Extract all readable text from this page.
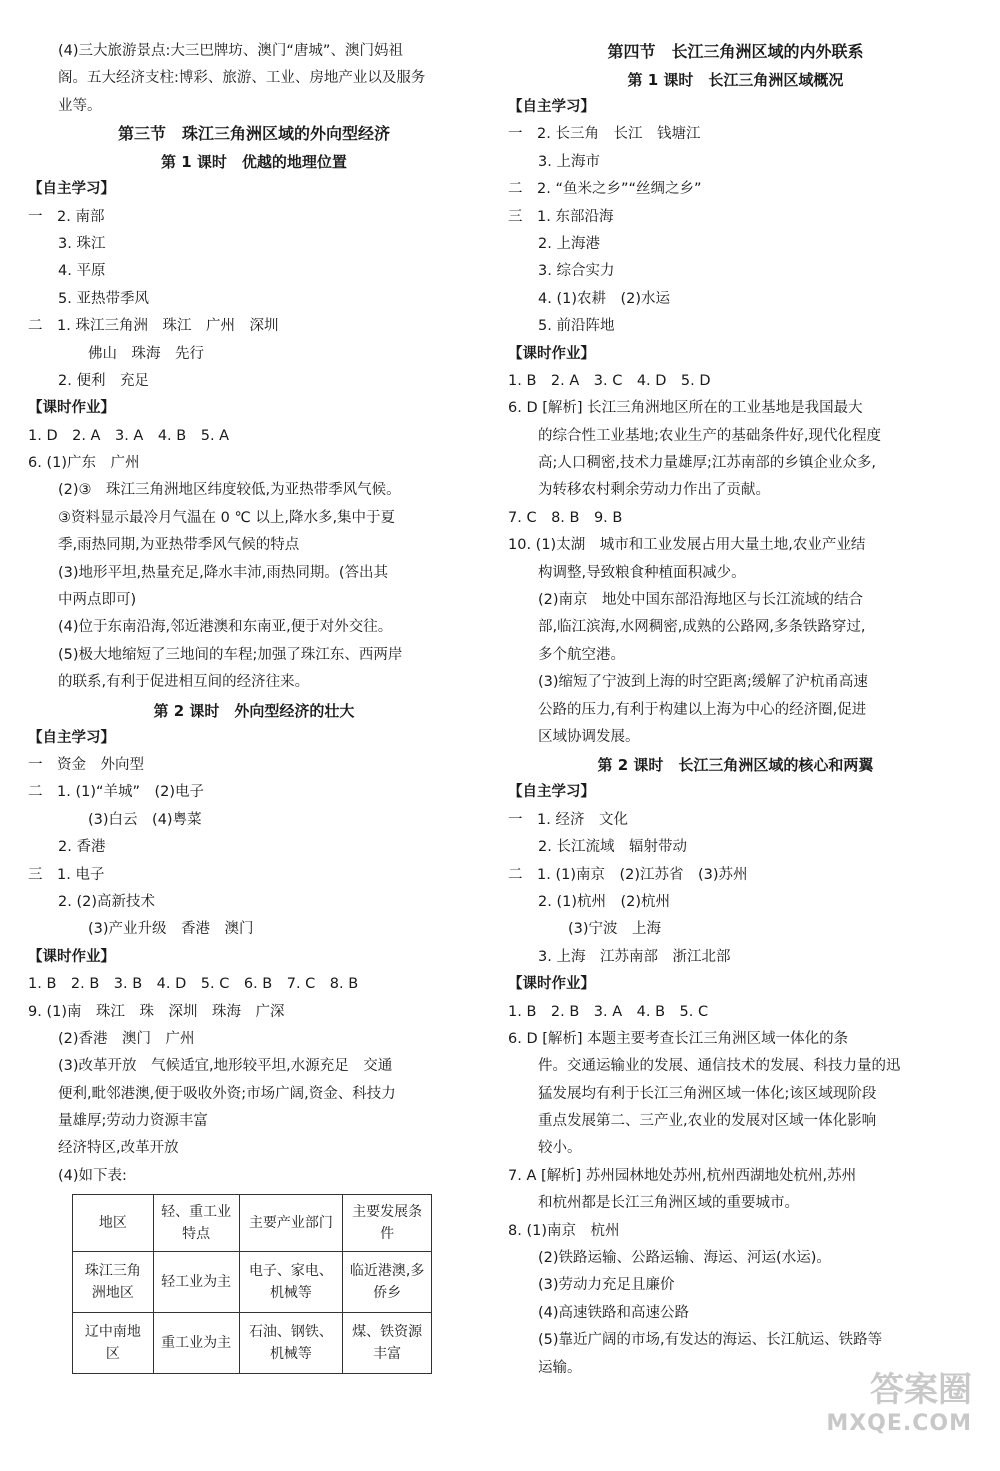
(4)三大旅游景点:大三巴牌坊、澳门“唐城”、澳门妈祖
阁。五大经济支柱:博彩、旅游、工业、房地产业以及服务
业等。
第三节　珠江三角洲区域的外向型经济
第 1 课时　优越的地理位置
【自主学习】
一　2. 南部
3. 珠江
4. 平原
5. 亚热带季风
二　1. 珠江三角洲　珠江　广州　深圳
佛山　珠海　先行
2. 便利　充足
【课时作业】
1. D　2. A　3. A　4. B　5. A
6. (1)广东　广州
(2)③　珠江三角洲地区纬度较低,为亚热带季风气候。
③资料显示最冷月气温在 0 ℃ 以上,降水多,集中于夏
季,雨热同期,为亚热带季风气候的特点
(3)地形平坦,热量充足,降水丰沛,雨热同期。(答出其
中两点即可)
(4)位于东南沿海,邻近港澳和东南亚,便于对外交往。
(5)极大地缩短了三地间的车程;加强了珠江东、西两岸
的联系,有利于促进相互间的经济往来。
第 2 课时　外向型经济的壮大
【自主学习】
一　资金　外向型
二　1. (1)“羊城”　(2)电子
(3)白云　(4)粤菜
2. 香港
三　1. 电子
2. (2)高新技术
(3)产业升级　香港　澳门
【课时作业】
1. B　2. B　3. B　4. D　5. C　6. B　7. C　8. B
9. (1)南　珠江　珠　深圳　珠海　广深
(2)香港　澳门　广州
(3)改革开放　气候适宜,地形较平坦,水源充足　交通
便利,毗邻港澳,便于吸收外资;市场广阔,资金、科技力
量雄厚;劳动力资源丰富
经济特区,改革开放
(4)如下表:
地区	轻、重工业特点	主要产业部门	主要发展条件
珠江三角洲地区	轻工业为主	电子、家电、机械等	临近港澳,多侨乡
辽中南地区	重工业为主	石油、钢铁、机械等	煤、铁资源丰富
第四节　长江三角洲区域的内外联系
第 1 课时　长江三角洲区域概况
【自主学习】
一　2. 长三角　长江　钱塘江
3. 上海市
二　2. “鱼米之乡”“丝绸之乡”
三　1. 东部沿海
2. 上海港
3. 综合实力
4. (1)农耕　(2)水运
5. 前沿阵地
【课时作业】
1. B　2. A　3. C　4. D　5. D
6. D [解析] 长江三角洲地区所在的工业基地是我国最大
的综合性工业基地;农业生产的基础条件好,现代化程度
高;人口稠密,技术力量雄厚;江苏南部的乡镇企业众多,
为转移农村剩余劳动力作出了贡献。
7. C　8. B　9. B
10. (1)太湖　城市和工业发展占用大量土地,农业产业结
构调整,导致粮食种植面积减少。
(2)南京　地处中国东部沿海地区与长江流域的结合
部,临江滨海,水网稠密,成熟的公路网,多条铁路穿过,
多个航空港。
(3)缩短了宁波到上海的时空距离;缓解了沪杭甬高速
公路的压力,有利于构建以上海为中心的经济圈,促进
区域协调发展。
第 2 课时　长江三角洲区域的核心和两翼
【自主学习】
一　1. 经济　文化
2. 长江流域　辐射带动
二　1. (1)南京　(2)江苏省　(3)苏州
2. (1)杭州　(2)杭州
(3)宁波　上海
3. 上海　江苏南部　浙江北部
【课时作业】
1. B　2. B　3. A　4. B　5. C
6. D [解析] 本题主要考查长江三角洲区域一体化的条
件。交通运输业的发展、通信技术的发展、科技力量的迅
猛发展均有利于长江三角洲区域一体化;该区域现阶段
重点发展第二、三产业,农业的发展对区域一体化影响
较小。
7. A [解析] 苏州园林地处苏州,杭州西湖地处杭州,苏州
和杭州都是长江三角洲区域的重要城市。
8. (1)南京　杭州
(2)铁路运输、公路运输、海运、河运(水运)。
(3)劳动力充足且廉价
(4)高速铁路和高速公路
(5)靠近广阔的市场,有发达的海运、长江航运、铁路等
运输。
答案圈
MXQE.COM
